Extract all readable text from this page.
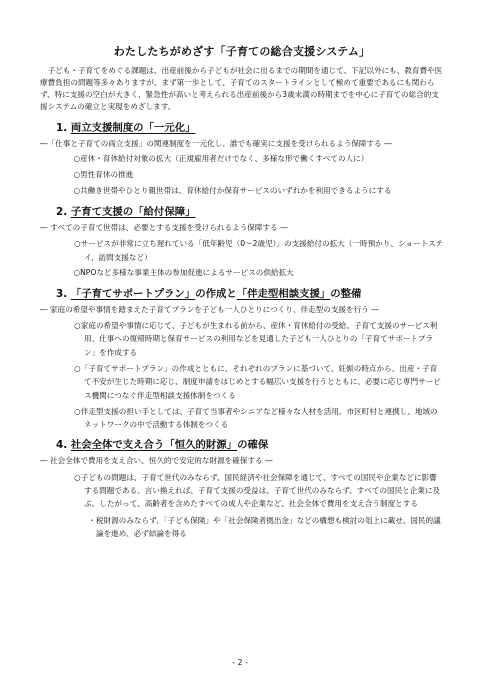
わたしたちがめざす「子育ての総合支援システム」
子ども・子育てをめぐる課題は、出産前後から子どもが社会に出るまでの期間を通じて、下記以外にも、教育費や医療費負担の問題等多々ありますが、まず第一歩として、子育てのスタートラインとして極めて重要であるにも関わらず、特に支援の空白が大きく、緊急性が高いと考えられる出産前後から3歳未満の時期までを中心に子育ての総合的支援システムの確立と実現をめざします。
1. 両立支援制度の「一元化」
―「仕事と子育ての両立支援」の関連制度を一元化し、誰でも確実に支援を受けられるよう保障する ―
○産休・育休給付対象の拡大（正規雇用者だけでなく、多様な形で働くすべての人に）
○男性育休の推進
○共働き世帯やひとり親世帯は、育休給付か保育サービスのいずれかを利用できるようにする
2. 子育て支援の「給付保障」
― すべての子育て世帯は、必要とする支援を受けられるよう保障する ―
○サービスが非常に立ち遅れている「低年齢児（0～2歳児）」の支援給付の拡大（一時預かり、ショートステイ、訪問支援など）
○NPOなど多様な事業主体の参加促進によるサービスの供給拡大
3. 「子育てサポートプラン」の作成と「伴走型相談支援」の整備
― 家庭の希望や事情を踏まえた子育てプランを子ども一人ひとりにつくり、伴走型の支援を行う ―
○家庭の希望や事情に応じて、子どもが生まれる前から、産休・育休給付の受給、子育て支援のサービス利用、仕事への復帰時期と保育サービスの利用などを見通した子ども一人ひとりの「子育てサポートプラン」を作成する
○「子育てサポートプラン」の作成とともに、それぞれのプランに基づいて、妊娠の時点から、出産・子育て不安が生じた時期に応じ、制度申請をはじめとする幅広い支援を行うとともに、必要に応じ専門サービス機関につなぐ伴走型相談支援体制をつくる
○伴走型支援の担い手としては、子育て当事者やシニアなど様々な人材を活用。市区町村と連携し、地域のネットワークの中で活動する体制をつくる
4. 社会全体で支え合う「恒久的財源」の確保
― 社会全体で費用を支え合い、恒久的で安定的な財源を確保する ―
○子どもの問題は、子育て世代のみならず、国民経済や社会保障を通じて、すべての国民や企業などに影響する問題である。言い換えれば、子育て支援の受益は、子育て世代のみならず、すべての国民と企業に及ぶ。したがって、高齢者を含めたすべての成人や企業など、社会全体で費用を支え合う制度とする
・税財源のみならず、「子ども保険」や「社会保険者拠出金」などの構想も検討の俎上に載せ、国民的議論を進め、必ず結論を得る
- 2 -
